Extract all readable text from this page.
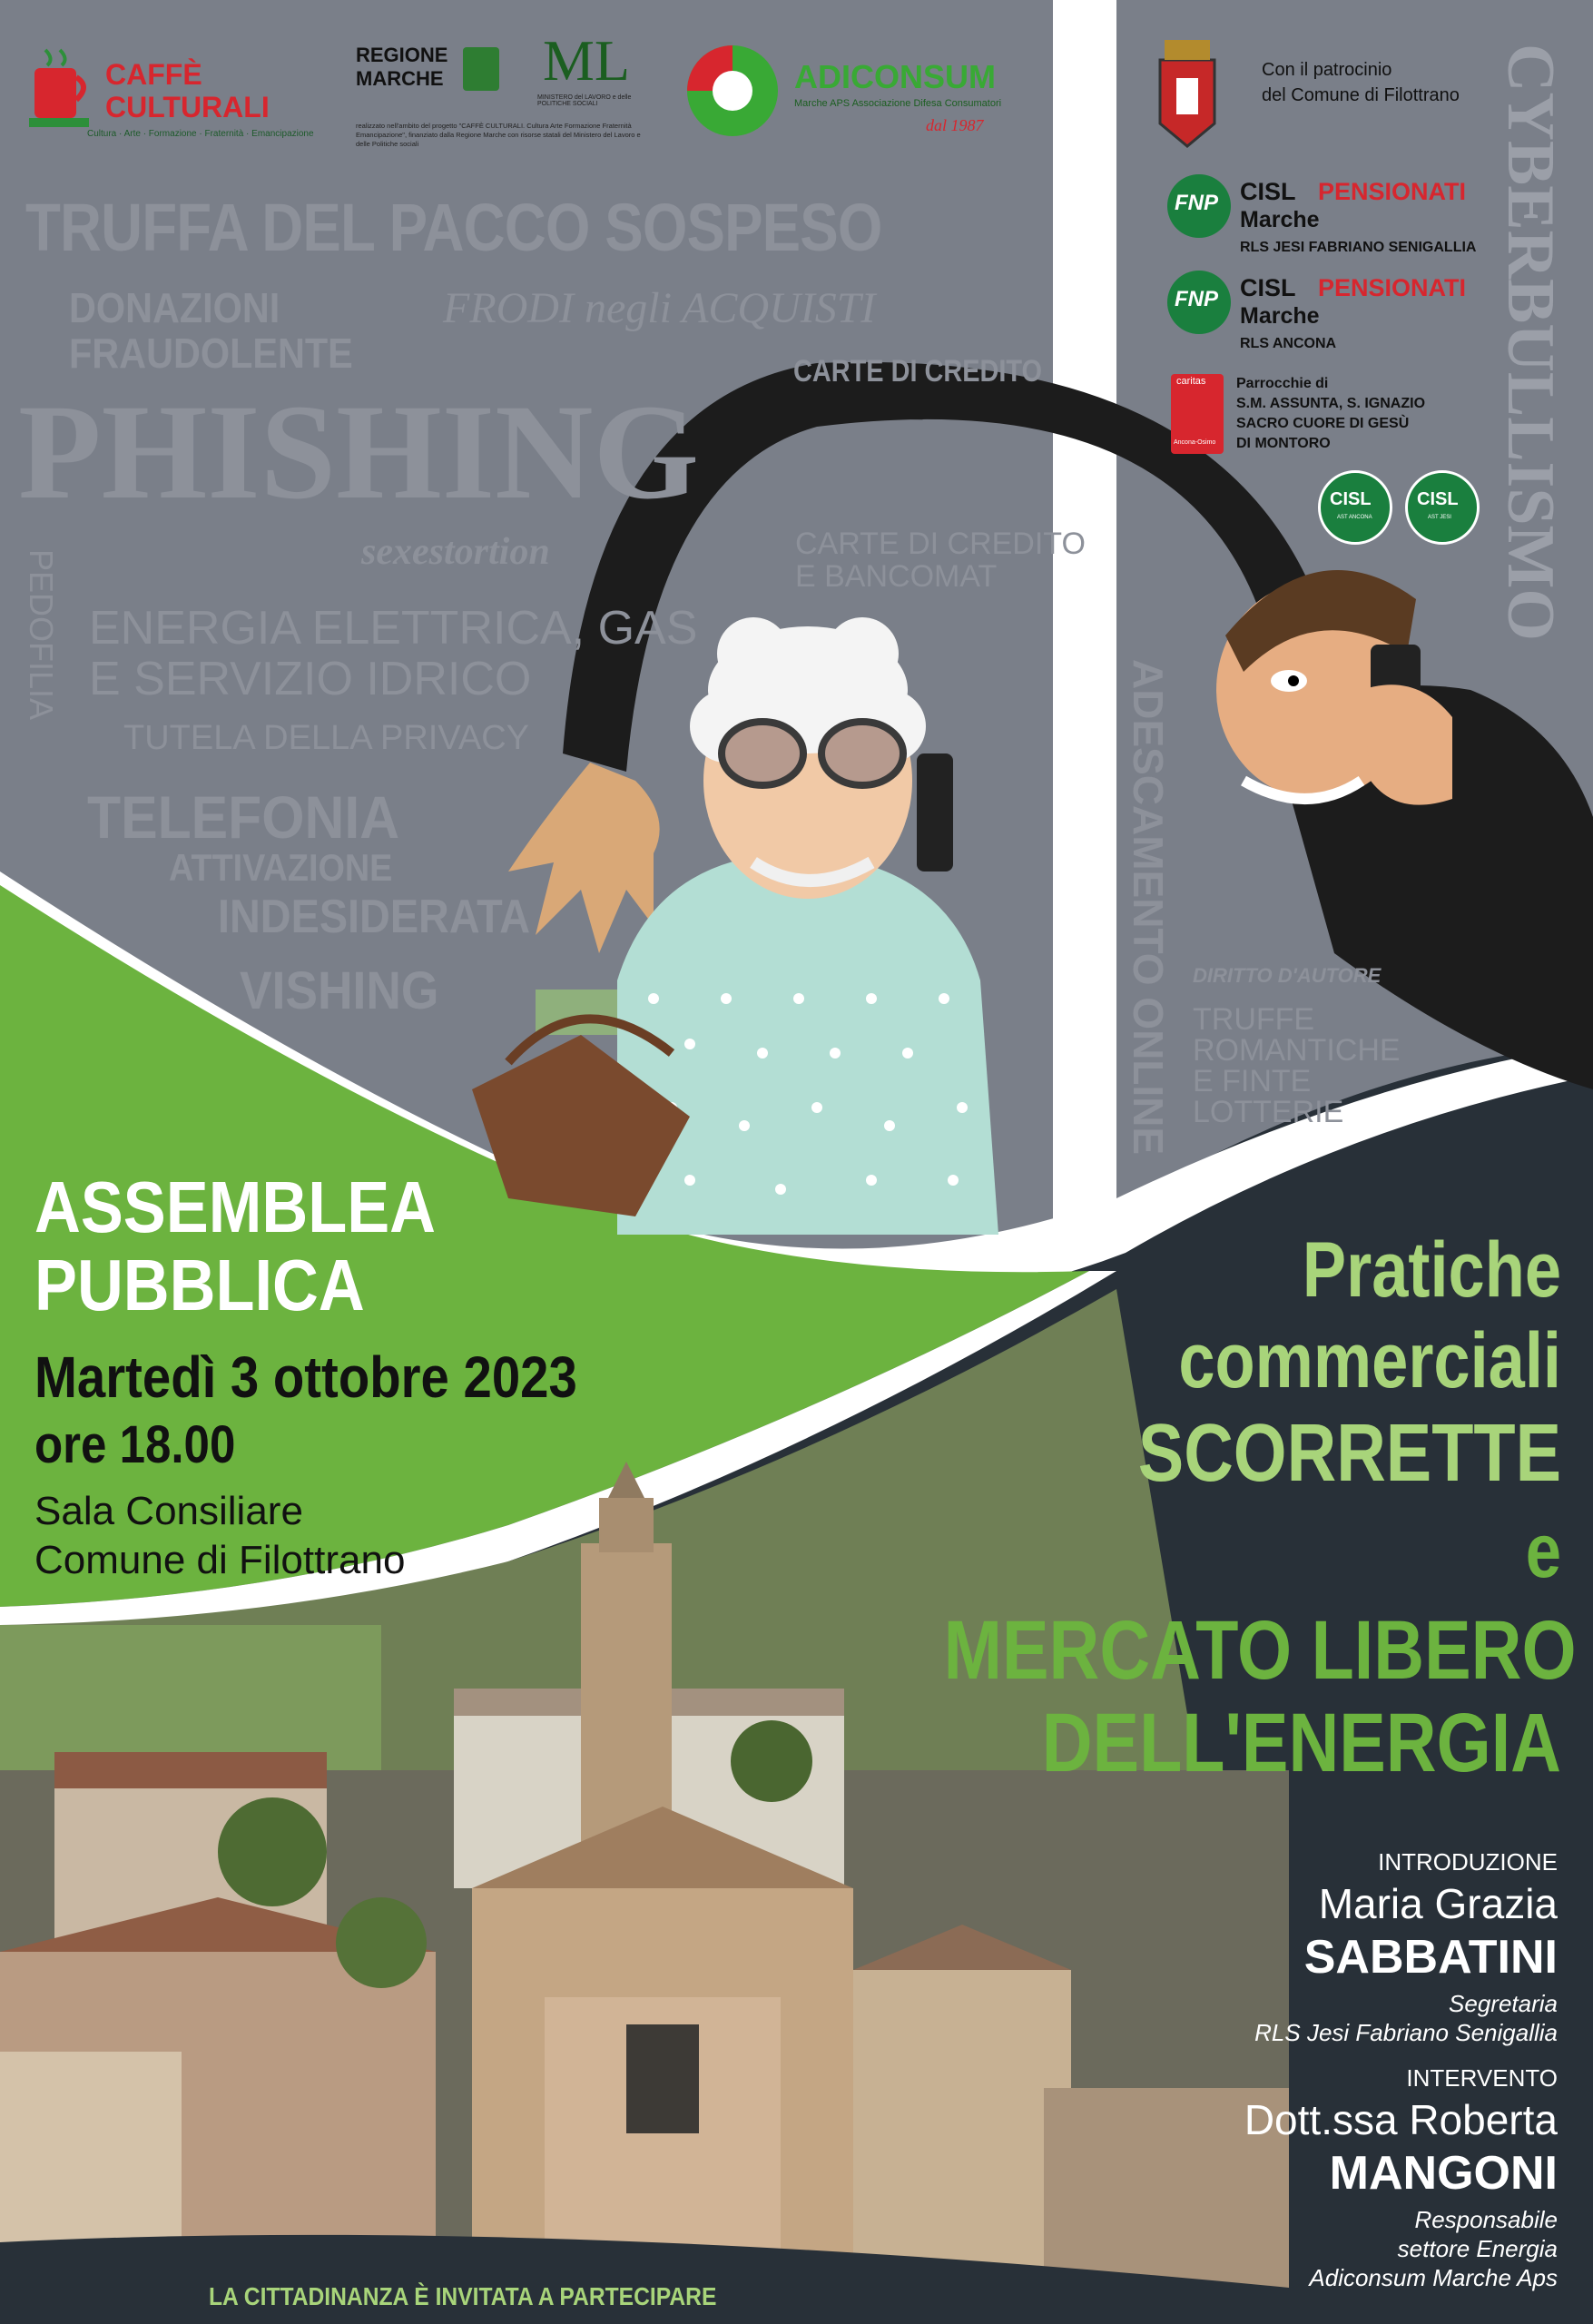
CAFFÈ
CULTURALI
Cultura · Arte · Formazione · Fraternità · Emancipazione
REGIONE
MARCHE ML
MINISTERO del LAVORO e delle POLITICHE SOCIALI
realizzato nell'ambito del progetto "CAFFÈ CULTURALI. Cultura Arte Formazione Fraternità Emancipazione", finanziato dalla Regione Marche con risorse statali del Ministero del Lavoro e delle Politiche sociali
ADICONSUM
Marche APS Associazione Difesa Consumatori
dal 1987
Con il patrocinio
del Comune di Filottrano
FNP CISL PENSIONATI
Marche
RLS JESI FABRIANO SENIGALLIA
FNP CISL PENSIONATI
Marche
RLS ANCONA
caritas
Ancona-Osimo
Parrocchie di
S.M. ASSUNTA, S. IGNAZIO
SACRO CUORE DI GESÙ
DI MONTORO
CISL
AST ANCONA
CISL
AST JESI
TRUFFA DEL PACCO SOSPESO
DONAZIONI
FRAUDOLENTE
FRODI negli ACQUISTI
CARTE DI CREDITO
PHISHING
sexestortion	CARTE DI CREDITO
E BANCOMAT
PEDOFILIA ENERGIA ELETTRICA, GAS
E SERVIZIO IDRICO
TUTELA DELLA PRIVACY
TELEFONIA
ATTIVAZIONE
INDESIDERATA
VISHING	ADESCAMENTO ONLINE
CYBERBULLISMO
DIRITTO D'AUTORE
TRUFFE
ROMANTICHE
E FINTE
LOTTERIE
ASSEMBLEA
PUBBLICA
Martedì 3 ottobre 2023
ore 18.00
Sala Consiliare
Comune di Filottrano
Pratiche
commerciali
SCORRETTE
e
MERCATO LIBERO
DELL'ENERGIA
INTRODUZIONE
Maria Grazia
SABBATINI
Segretaria
RLS Jesi Fabriano Senigallia
INTERVENTO
Dott.ssa Roberta
MANGONI
Responsabile
settore Energia
Adiconsum Marche Aps
LA CITTADINANZA È INVITATA A PARTECIPARE
